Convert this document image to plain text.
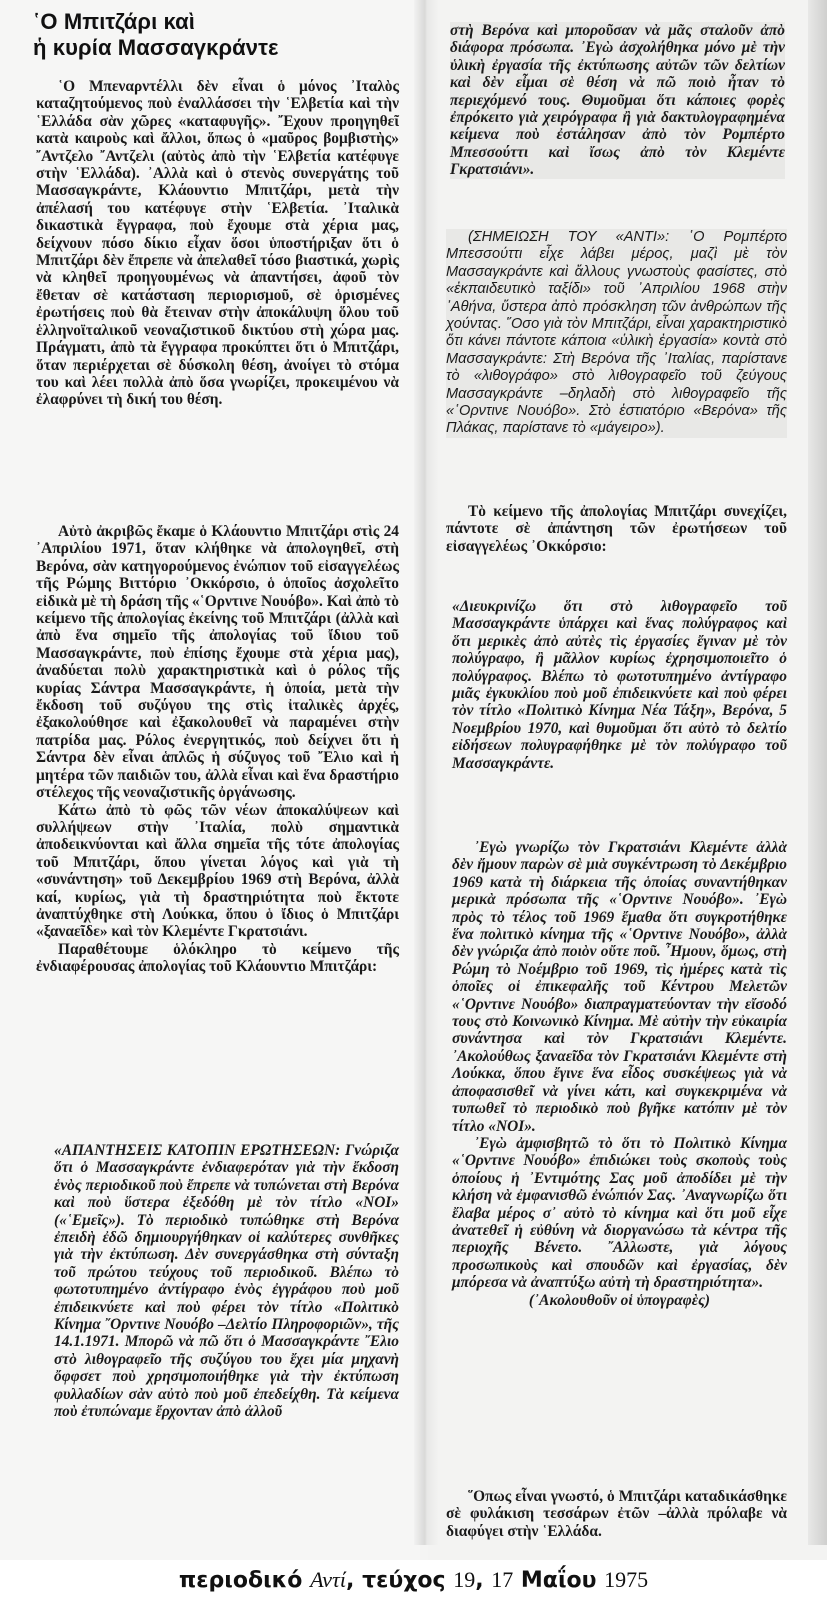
῾Ο Μπιτζάρι καὶ
ἡ κυρία Μασσαγκράντε

῾Ο Μπεναρντέλλι δὲν εἶναι ὁ μόνος ᾿Ιταλὸς καταζητούμενος ποὺ ἐναλλάσσει τὴν ῾Ελβετία καὶ τὴν ῾Ελλάδα σὰν χῶρες «καταφυγῆς». ῎Εχουν προηγηθεῖ κατὰ καιροὺς καὶ ἄλλοι, ὅπως ὁ «μαῦρος βομβιστὴς» ῎Αντζελο ῎Αντζελι (αὐτὸς ἀπὸ τὴν ῾Ελβετία κατέφυγε στὴν ῾Ελλάδα). ᾿Αλλὰ καὶ ὁ στενὸς συνεργάτης τοῦ Μασσαγκράντε, Κλάουντιο Μπιτζάρι, μετὰ τὴν ἀπέλασή του κατέφυγε στὴν ῾Ελβετία. ᾿Ιταλικὰ δικαστικὰ ἔγγραφα, ποὺ ἔχουμε στὰ χέρια μας, δείχνουν πόσο δίκιο εἶχαν ὅσοι ὑποστήριξαν ὅτι ὁ Μπιτζάρι δὲν ἔπρεπε νὰ ἀπελαθεῖ τόσο βιαστικά, χωρὶς νὰ κληθεῖ προηγουμένως νὰ ἀπαντήσει, ἀφοῦ τὸν ἔθεταν σὲ κατάσταση περιορισμοῦ, σὲ ὁρισμένες ἐρωτήσεις ποὺ θὰ ἔτειναν στὴν ἀποκάλυψη ὅλου τοῦ ἑλληνοϊταλικοῦ νεοναζιστικοῦ δικτύου στὴ χώρα μας. Πράγματι, ἀπὸ τὰ ἔγγραφα προκύπτει ὅτι ὁ Μπιτζάρι, ὅταν περιέρχεται σὲ δύσκολη θέση, ἀνοίγει τὸ στόμα του καὶ λέει πολλὰ ἀπὸ ὅσα γνωρίζει, προκειμένου νὰ ἐλαφρύνει τὴ δική του θέση.

Αὐτὸ ἀκριβῶς ἔκαμε ὁ Κλάουντιο Μπιτζάρι στὶς 24 ᾿Απριλίου 1971, ὅταν κλήθηκε νὰ ἀπολογηθεῖ, στὴ Βερόνα, σὰν κατηγορούμενος ἐνώπιον τοῦ εἰσαγγελέως τῆς Ρώμης Βιττόριο ᾿Οκκόρσιο, ὁ ὁποῖος ἀσχολεῖτο εἰδικὰ μὲ τὴ δράση τῆς «῾Ορντινε Νουόβο». Καὶ ἀπὸ τὸ κείμενο τῆς ἀπολογίας ἐκείνης τοῦ Μπιτζάρι (ἀλλὰ καὶ ἀπὸ ἕνα σημεῖο τῆς ἀπολογίας τοῦ ἴδιου τοῦ Μασσαγκράντε, ποὺ ἐπίσης ἔχουμε στὰ χέρια μας), ἀναδύεται πολὺ χαρακτηριστικὰ καὶ ὁ ρόλος τῆς κυρίας Σάντρα Μασσαγκράντε, ἡ ὁποία, μετὰ τὴν ἔκδοση τοῦ συζύγου της στὶς ἰταλικὲς ἀρχές, ἐξακολούθησε καὶ ἐξακολουθεῖ νὰ παραμένει στὴν πατρίδα μας. Ρόλος ἐνεργητικός, ποὺ δείχνει ὅτι ἡ Σάντρα δὲν εἶναι ἁπλῶς ἡ σύζυγος τοῦ ῎Ελιο καὶ ἡ μητέρα τῶν παιδιῶν του, ἀλλὰ εἶναι καὶ ἕνα δραστήριο στέλεχος τῆς νεοναζιστικῆς ὀργάνωσης.

Κάτω ἀπὸ τὸ φῶς τῶν νέων ἀποκαλύψεων καὶ συλλήψεων στὴν ᾿Ιταλία, πολὺ σημαντικὰ ἀποδεικνύονται καὶ ἄλλα σημεῖα τῆς τότε ἀπολογίας τοῦ Μπιτζάρι, ὅπου γίνεται λόγος καὶ γιὰ τὴ «συνάντηση» τοῦ Δεκεμβρίου 1969 στὴ Βερόνα, ἀλλὰ καί, κυρίως, γιὰ τὴ δραστηριότητα ποὺ ἔκτοτε ἀναπτύχθηκε στὴ Λούκκα, ὅπου ὁ ἴδιος ὁ Μπιτζάρι «ξαναεῖδε» καὶ τὸν Κλεμέντε Γκρατσιάνι.

Παραθέτουμε ὁλόκληρο τὸ κείμενο τῆς ἐνδιαφέρουσας ἀπολογίας τοῦ Κλάουντιο Μπιτζάρι:

«ΑΠΑΝΤΗΣΕΙΣ ΚΑΤΟΠΙΝ ΕΡΩΤΗΣΕΩΝ: Γνώριζα ὅτι ὁ Μασσαγκράντε ἐνδιαφερόταν γιὰ τὴν ἔκδοση ἑνὸς περιοδικοῦ ποὺ ἔπρεπε νὰ τυπώνεται στὴ Βερόνα καὶ ποὺ ὕστερα ἐξεδόθη μὲ τὸν τίτλο «NOI» («῾Εμεῖς»). Τὸ περιοδικὸ τυπώθηκε στὴ Βερόνα ἐπειδὴ ἐδῶ δημιουργήθηκαν οἱ καλύτερες συνθῆκες γιὰ τὴν ἐκτύπωση. Δὲν συνεργάσθηκα στὴ σύνταξη τοῦ πρώτου τεύχους τοῦ περιοδικοῦ. Βλέπω τὸ φωτοτυπημένο ἀντίγραφο ἑνὸς ἐγγράφου ποὺ μοῦ ἐπιδεικνύετε καὶ ποὺ φέρει τὸν τίτλο «Πολιτικὸ Κίνημα ῎Ορντινε Νουόβο –Δελτίο Πληροφοριῶν», τῆς 14.1.1971. Μπορῶ νὰ πῶ ὅτι ὁ Μασσαγκράντε ῎Ελιο στὸ λιθογραφεῖο τῆς συζύγου του ἔχει μία μηχανὴ ὄφφσετ ποὺ χρησιμοποιήθηκε γιὰ τὴν ἐκτύπωση φυλλαδίων σὰν αὐτὸ ποὺ μοῦ ἐπεδείχθη. Τὰ κείμενα ποὺ ἐτυπώναμε ἔρχονταν ἀπὸ ἀλλοῦ

στὴ Βερόνα καὶ μποροῦσαν νὰ μᾶς σταλοῦν ἀπὸ διάφορα πρόσωπα. ᾿Εγὼ ἀσχολήθηκα μόνο μὲ τὴν ὑλικὴ ἐργασία τῆς ἐκτύπωσης αὐτῶν τῶν δελτίων καὶ δὲν εἶμαι σὲ θέση νὰ πῶ ποιὸ ἦταν τὸ περιεχόμενό τους. Θυμοῦμαι ὅτι κάποιες φορὲς ἐπρόκειτο γιὰ χειρόγραφα ἢ γιὰ δακτυλογραφημένα κείμενα ποὺ ἐστάλησαν ἀπὸ τὸν Ρομπέρτο Μπεσσούττι καὶ ἴσως ἀπὸ τὸν Κλεμέντε Γκρατσιάνι».

(ΣΗΜΕΙΩΣΗ ΤΟΥ «ΑΝΤΙ»: ῾Ο Ρομπέρτο Μπεσσούττι εἶχε λάβει μέρος, μαζὶ μὲ τὸν Μασσαγκράντε καὶ ἄλλους γνωστοὺς φασίστες, στὸ «ἐκπαιδευτικὸ ταξίδι» τοῦ ᾿Απριλίου 1968 στὴν ᾿Αθήνα, ὕστερα ἀπὸ πρόσκληση τῶν ἀνθρώπων τῆς χούντας. ῞Οσο γιὰ τὸν Μπιτζάρι, εἶναι χαρακτηριστικὸ ὅτι κάνει πάντοτε κάποια «ὑλικὴ ἐργασία» κοντὰ στὸ Μασσαγκράντε: Στὴ Βερόνα τῆς ᾿Ιταλίας, παρίστανε τὸ «λιθογράφο» στὸ λιθογραφεῖο τοῦ ζεύγους Μασσαγκράντε –δηλαδὴ στὸ λιθογραφεῖο τῆς «῾Ορντινε Νουόβο». Στὸ ἑστιατόριο «Βερόνα» τῆς Πλάκας, παρίστανε τὸ «μάγειρο»).

Τὸ κείμενο τῆς ἀπολογίας Μπιτζάρι συνεχίζει, πάντοτε σὲ ἀπάντηση τῶν ἐρωτήσεων τοῦ εἰσαγγελέως ᾿Οκκόρσιο:

«Διευκρινίζω ὅτι στὸ λιθογραφεῖο τοῦ Μασσαγκράντε ὑπάρχει καὶ ἕνας πολύγραφος καὶ ὅτι μερικὲς ἀπὸ αὐτὲς τὶς ἐργασίες ἔγιναν μὲ τὸν πολύγραφο, ἢ μᾶλλον κυρίως ἐχρησιμοποιεῖτο ὁ πολύγραφος. Βλέπω τὸ φωτοτυπημένο ἀντίγραφο μιᾶς ἐγκυκλίου ποὺ μοῦ ἐπιδεικνύετε καὶ ποὺ φέρει τὸν τίτλο «Πολιτικὸ Κίνημα Νέα Τάξη», Βερόνα, 5 Νοεμβρίου 1970, καὶ θυμοῦμαι ὅτι αὐτὸ τὸ δελτίο εἰδήσεων πολυγραφήθηκε μὲ τὸν πολύγραφο τοῦ Μασσαγκράντε.

᾿Εγὼ γνωρίζω τὸν Γκρατσιάνι Κλεμέντε ἀλλὰ δὲν ἤμουν παρὼν σὲ μιὰ συγκέντρωση τὸ Δεκέμβριο 1969 κατὰ τὴ διάρκεια τῆς ὁποίας συναντήθηκαν μερικὰ πρόσωπα τῆς «῾Ορντινε Νουόβο». ᾿Εγὼ πρὸς τὸ τέλος τοῦ 1969 ἔμαθα ὅτι συγκροτήθηκε ἕνα πολιτικὸ κίνημα τῆς «῾Ορντινε Νουόβο», ἀλλὰ δὲν γνώριζα ἀπὸ ποιὸν οὔτε ποῦ. ῏Ημουν, ὅμως, στὴ Ρώμη τὸ Νοέμβριο τοῦ 1969, τὶς ἡμέρες κατὰ τὶς ὁποῖες οἱ ἐπικεφαλῆς τοῦ Κέντρου Μελετῶν «῾Ορντινε Νουόβο» διαπραγματεύονταν τὴν εἴσοδό τους στὸ Κοινωνικὸ Κίνημα. Μὲ αὐτὴν τὴν εὐκαιρία συνάντησα καὶ τὸν Γκρατσιάνι Κλεμέντε. ᾿Ακολούθως ξαναεῖδα τὸν Γκρατσιάνι Κλεμέντε στὴ Λούκκα, ὅπου ἔγινε ἕνα εἶδος συσκέψεως γιὰ νὰ ἀποφασισθεῖ νὰ γίνει κάτι, καὶ συγκεκριμένα νὰ τυπωθεῖ τὸ περιοδικὸ ποὺ βγῆκε κατόπιν μὲ τὸν τίτλο «NOI».

᾿Εγὼ ἀμφισβητῶ τὸ ὅτι τὸ Πολιτικὸ Κίνημα «῾Ορντινε Νουόβο» ἐπιδιώκει τοὺς σκοποὺς τοὺς ὁποίους ἡ ᾿Εντιμότης Σας μοῦ ἀποδίδει μὲ τὴν κλήση νὰ ἐμφανισθῶ ἐνώπιόν Σας. ᾿Αναγνωρίζω ὅτι ἔλαβα μέρος σ᾿ αὐτὸ τὸ κίνημα καὶ ὅτι μοῦ εἶχε ἀνατεθεῖ ἡ εὐθύνη νὰ διοργανώσω τὰ κέντρα τῆς περιοχῆς Βένετο. ῎Αλλωστε, γιὰ λόγους προσωπικοὺς καὶ σπουδῶν καὶ ἐργασίας, δὲν μπόρεσα νὰ ἀναπτύξω αὐτὴ τὴ δραστηριότητα».

(᾿Ακολουθοῦν οἱ ὑπογραφὲς)

῞Οπως εἶναι γνωστό, ὁ Μπιτζάρι καταδικάσθηκε σὲ φυλάκιση τεσσάρων ἐτῶν –ἀλλὰ πρόλαβε νὰ διαφύγει στὴν ῾Ελλάδα.

περιοδικό Αντί, τεύχος 19, 17 Μαΐου 1975
